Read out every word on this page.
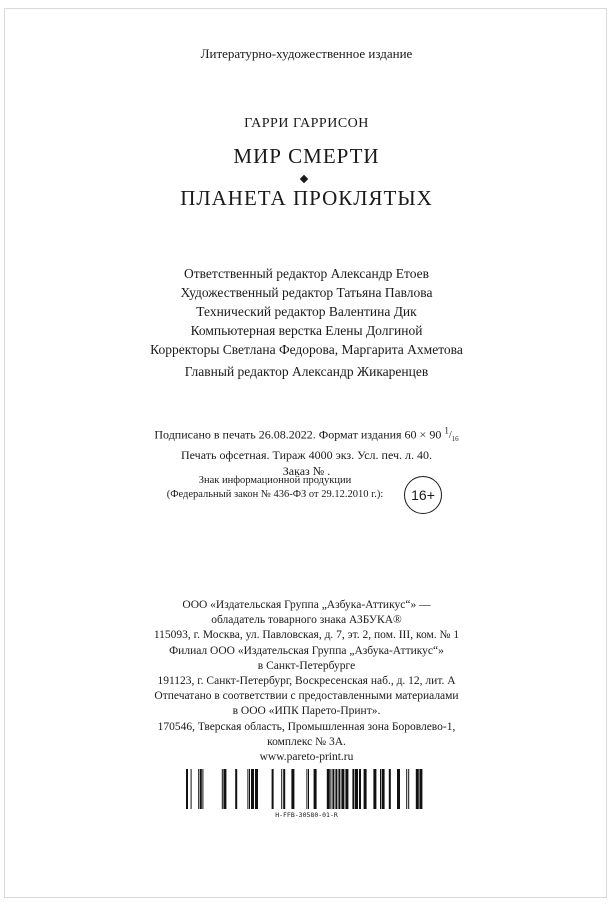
Литературно-художественное издание
ГАРРИ ГАРРИСОН
МИР СМЕРТИ
ПЛАНЕТА ПРОКЛЯТЫХ
Ответственный редактор Александр Етоев
Художественный редактор Татьяна Павлова
Технический редактор Валентина Дик
Компьютерная верстка Елены Долгиной
Корректоры Светлана Федорова, Маргарита Ахметова
Главный редактор Александр Жикаренцев
Подписано в печать 26.08.2022. Формат издания 60 × 90 $^1/_{16}$
Печать офсетная. Тираж 4000 экз. Усл. печ. л. 40.
Заказ № .
Знак информационной продукции
(Федеральный закон № 436-ФЗ от 29.12.2010 г.):	16+
ООО «Издательская Группа „Азбука-Аттикус“» —
обладатель товарного знака АЗБУКА®
115093, г. Москва, ул. Павловская, д. 7, эт. 2, пом. III, ком. № 1
Филиал ООО «Издательская Группа „Азбука-Аттикус“»
в Санкт-Петербурге
191123, г. Санкт-Петербург, Воскресенская наб., д. 12, лит. А
Отпечатано в соответствии с предоставленными материалами
в ООО «ИПК Парето-Принт».
170546, Тверская область, Промышленная зона Боровлево-1,
комплекс № 3А.
www.pareto-print.ru
H-FFB-30580-01-R
